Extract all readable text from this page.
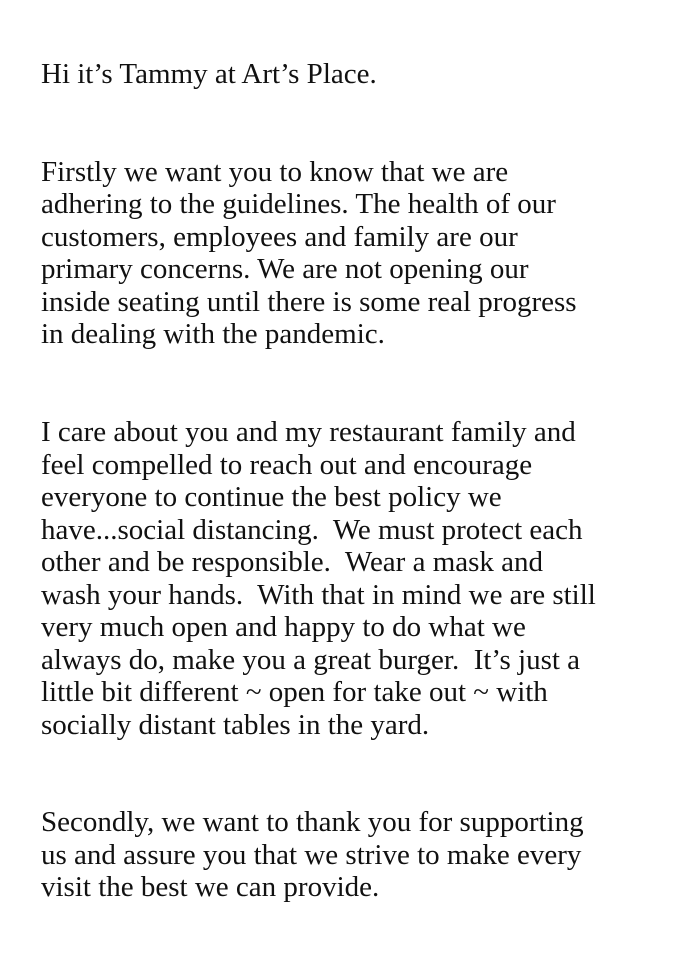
Hi it’s Tammy at Art’s Place.

Firstly we want you to know that we are

adhering to the guidelines. The health of our

customers, employees and family are our

primary concerns. We are not opening our

inside seating until there is some real progress

in dealing with the pandemic.

I care about you and my restaurant family and

feel compelled to reach out and encourage

everyone to continue the best policy we

have...social distancing.  We must protect each

other and be responsible.  Wear a mask and

wash your hands.  With that in mind we are still

very much open and happy to do what we

always do, make you a great burger.  It’s just a

little bit different ~ open for take out ~ with

socially distant tables in the yard.

Secondly, we want to thank you for supporting

us and assure you that we strive to make every

visit the best we can provide.
